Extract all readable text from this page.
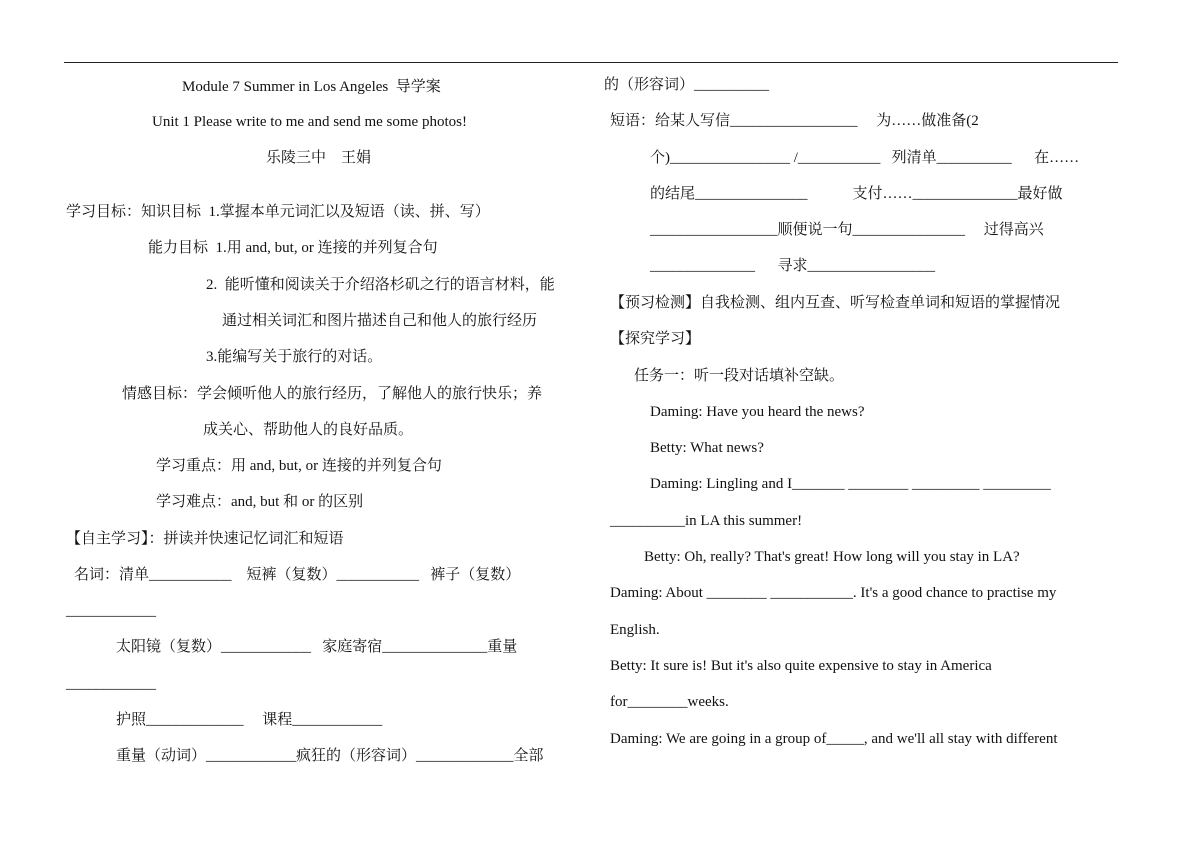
Module 7 Summer in Los Angeles  导学案
Unit 1 Please write to me and send me some photos!
乐陵三中    王娟
学习目标：知识目标  1.掌握本单元词汇以及短语（读、拼、写）
能力目标  1.用 and, but, or 连接的并列复合句
2.  能听懂和阅读关于介绍洛杉矶之行的语言材料，能
通过相关词汇和图片描述自己和他人的旅行经历
3.能编写关于旅行的对话。
情感目标：学会倾听他人的旅行经历，了解他人的旅行快乐；养
成关心、帮助他人的良好品质。
学习重点：用 and, but, or 连接的并列复合句
学习难点：and, but 和 or 的区别
【自主学习】：拼读并快速记忆词汇和短语
名词：清单___________    短裤（复数）___________   裤子（复数）
____________
太阳镜（复数）____________   家庭寄宿______________重量
____________
护照_____________     课程____________
重量（动词）____________疯狂的（形容词）_____________全部
的（形容词）__________
短语：给某人写信_________________     为……做准备(2
个)________________ /___________   列清单__________      在……
的结尾_______________            支付……______________最好做
_________________顺便说一句_______________     过得高兴
______________      寻求_________________
【预习检测】自我检测、组内互查、听写检查单词和短语的掌握情况
【探究学习】
任务一：听一段对话填补空缺。
Daming: Have you heard the news?
Betty: What news?
Daming: Lingling and I_______ ________ _________ _________
__________in LA this summer!
Betty: Oh, really? That's great! How long will you stay in LA?
Daming: About ________ ___________. It's a good chance to practise my
English.
Betty: It sure is! But it's also quite expensive to stay in America
for________weeks.
Daming: We are going in a group of_____, and we'll all stay with different
